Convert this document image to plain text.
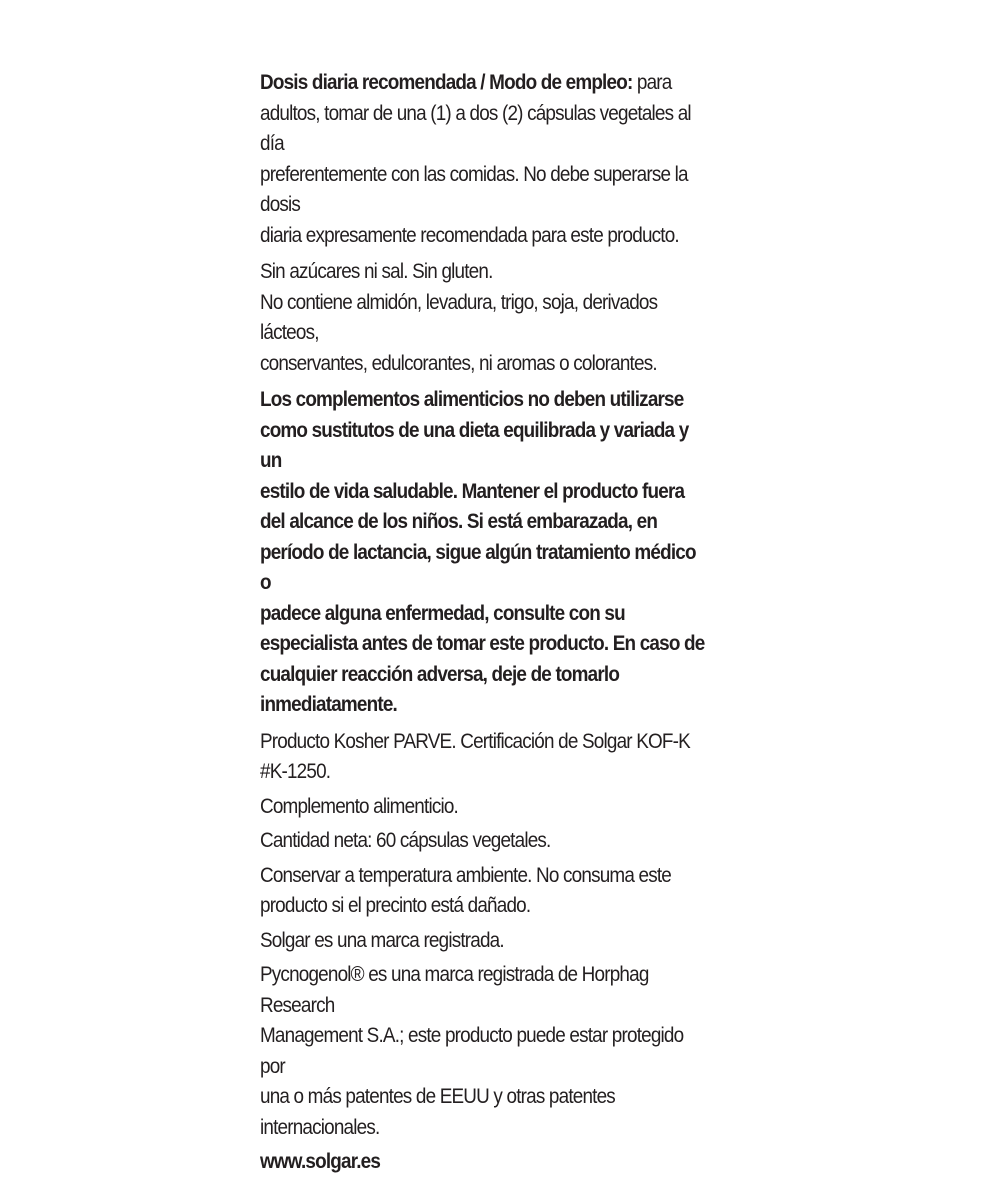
Dosis diaria recomendada / Modo de empleo: para
adultos, tomar de una (1) a dos (2) cápsulas vegetales al día
preferentemente con las comidas. No debe superarse la dosis
diaria expresamente recomendada para este producto.

Sin azúcares ni sal. Sin gluten.

No contiene almidón, levadura, trigo, soja, derivados lácteos,
conservantes, edulcorantes, ni aromas o colorantes.

Los complementos alimenticios no deben utilizarse
como sustitutos de una dieta equilibrada y variada y un
estilo de vida saludable. Mantener el producto fuera
del alcance de los niños. Si está embarazada, en
período de lactancia, sigue algún tratamiento médico o
padece alguna enfermedad, consulte con su
especialista antes de tomar este producto. En caso de
cualquier reacción adversa, deje de tomarlo
inmediatamente.

Producto Kosher PARVE. Certificación de Solgar KOF-K
#K-1250.

Complemento alimenticio.

Cantidad neta: 60 cápsulas vegetales.

Conservar a temperatura ambiente. No consuma este
producto si el precinto está dañado.

Solgar es una marca registrada.

Pycnogenol® es una marca registrada de Horphag Research
Management S.A.; este producto puede estar protegido por
una o más patentes de EEUU y otras patentes internacionales.

www.solgar.es
